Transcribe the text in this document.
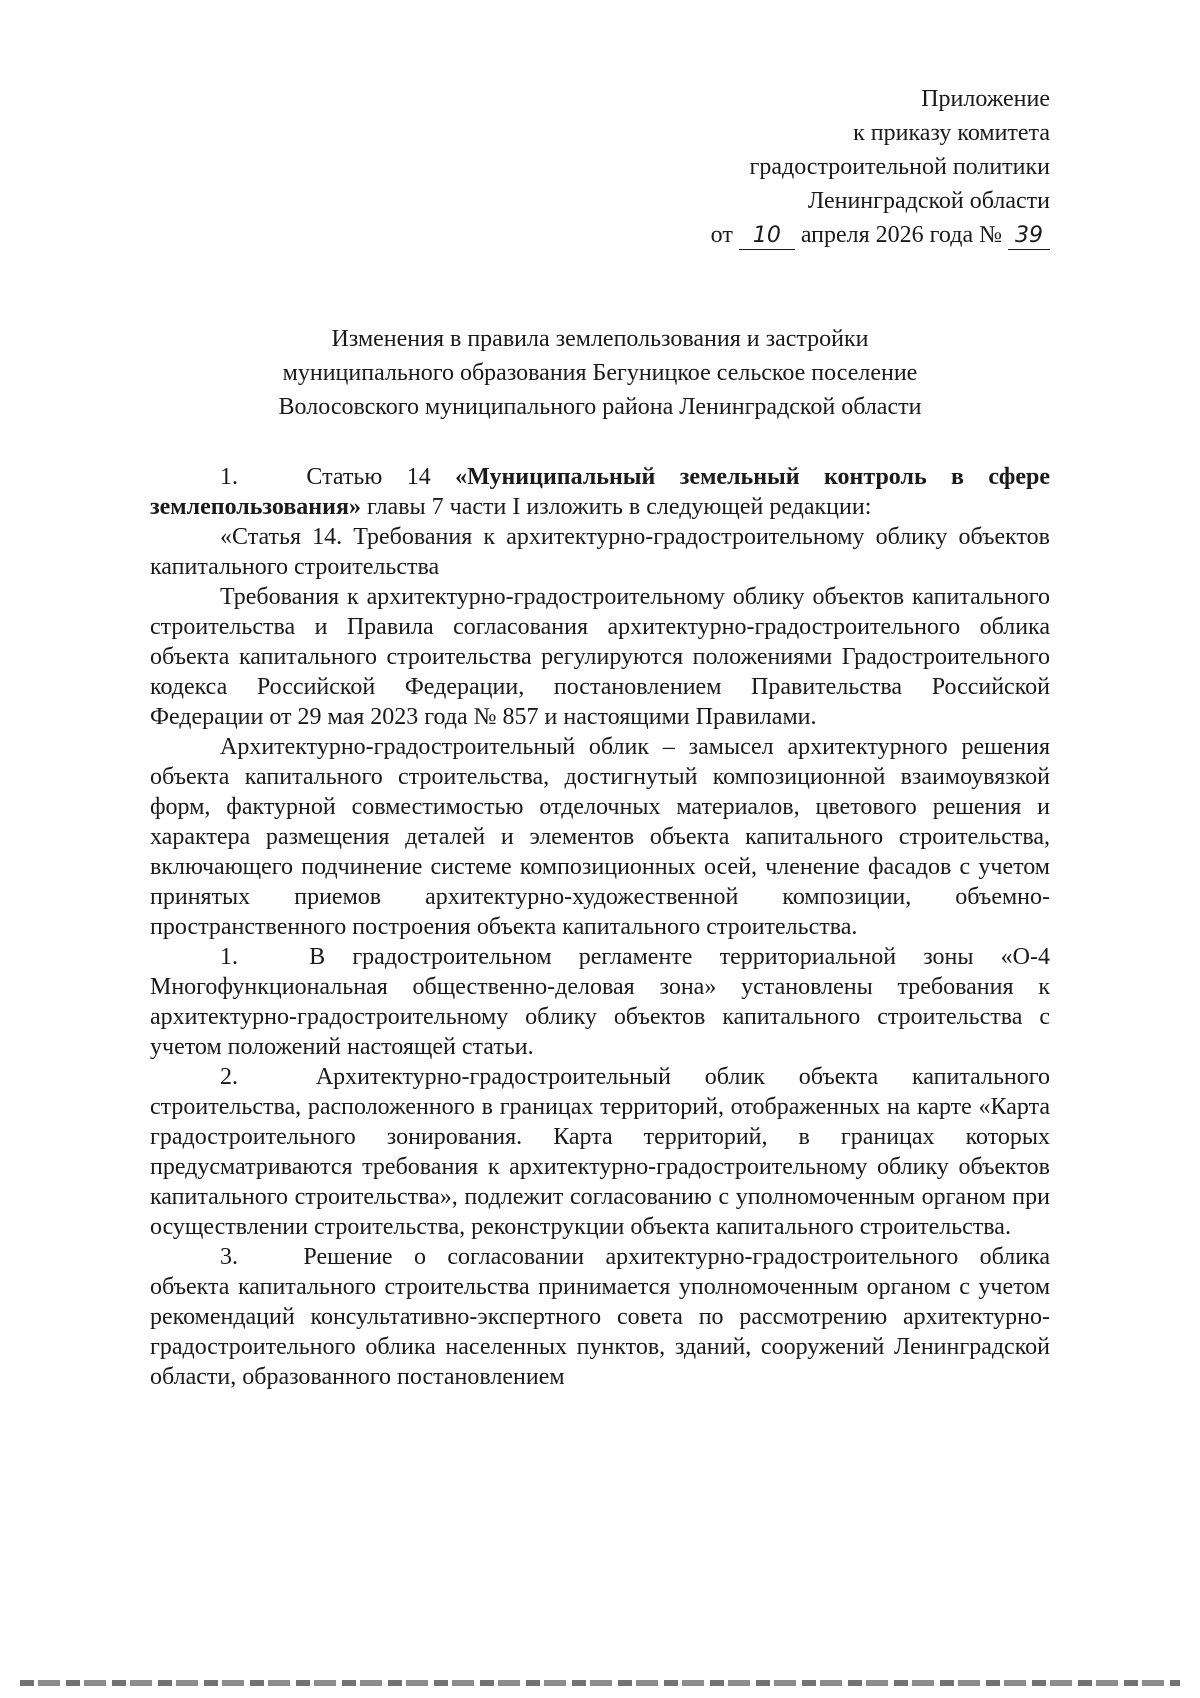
Приложение
к приказу комитета
градостроительной политики
Ленинградской области
от 10 апреля 2026 года № 39
Изменения в правила землепользования и застройки
муниципального образования Бегуницкое сельское поселение
Волосовского муниципального района Ленинградской области

1.	Статью 14 «Муниципальный земельный контроль в сфере землепользования» главы 7 части I изложить в следующей редакции:

«Статья 14. Требования к архитектурно-градостроительному облику объектов капитального строительства

Требования к архитектурно-градостроительному облику объектов капитального строительства и Правила согласования архитектурно-градостроительного облика объекта капитального строительства регулируются положениями Градостроительного кодекса Российской Федерации, постановлением Правительства Российской Федерации от 29 мая 2023 года № 857 и настоящими Правилами.

Архитектурно-градостроительный облик – замысел архитектурного решения объекта капитального строительства, достигнутый композиционной взаимоувязкой форм, фактурной совместимостью отделочных материалов, цветового решения и характера размещения деталей и элементов объекта капитального строительства, включающего подчинение системе композиционных осей, членение фасадов с учетом принятых приемов архитектурно-художественной композиции, объемно-пространственного построения объекта капитального строительства.

1.	В градостроительном регламенте территориальной зоны «О-4 Многофункциональная общественно-деловая зона» установлены требования к архитектурно-градостроительному облику объектов капитального строительства с учетом положений настоящей статьи.

2.	Архитектурно-градостроительный облик объекта капитального строительства, расположенного в границах территорий, отображенных на карте «Карта градостроительного зонирования. Карта территорий, в границах которых предусматриваются требования к архитектурно-градостроительному облику объектов капитального строительства», подлежит согласованию с уполномоченным органом при осуществлении строительства, реконструкции объекта капитального строительства.

3.	Решение о согласовании архитектурно-градостроительного облика объекта капитального строительства принимается уполномоченным органом с учетом рекомендаций консультативно-экспертного совета по рассмотрению архитектурно-градостроительного облика населенных пунктов, зданий, сооружений Ленинградской области, образованного постановлением
